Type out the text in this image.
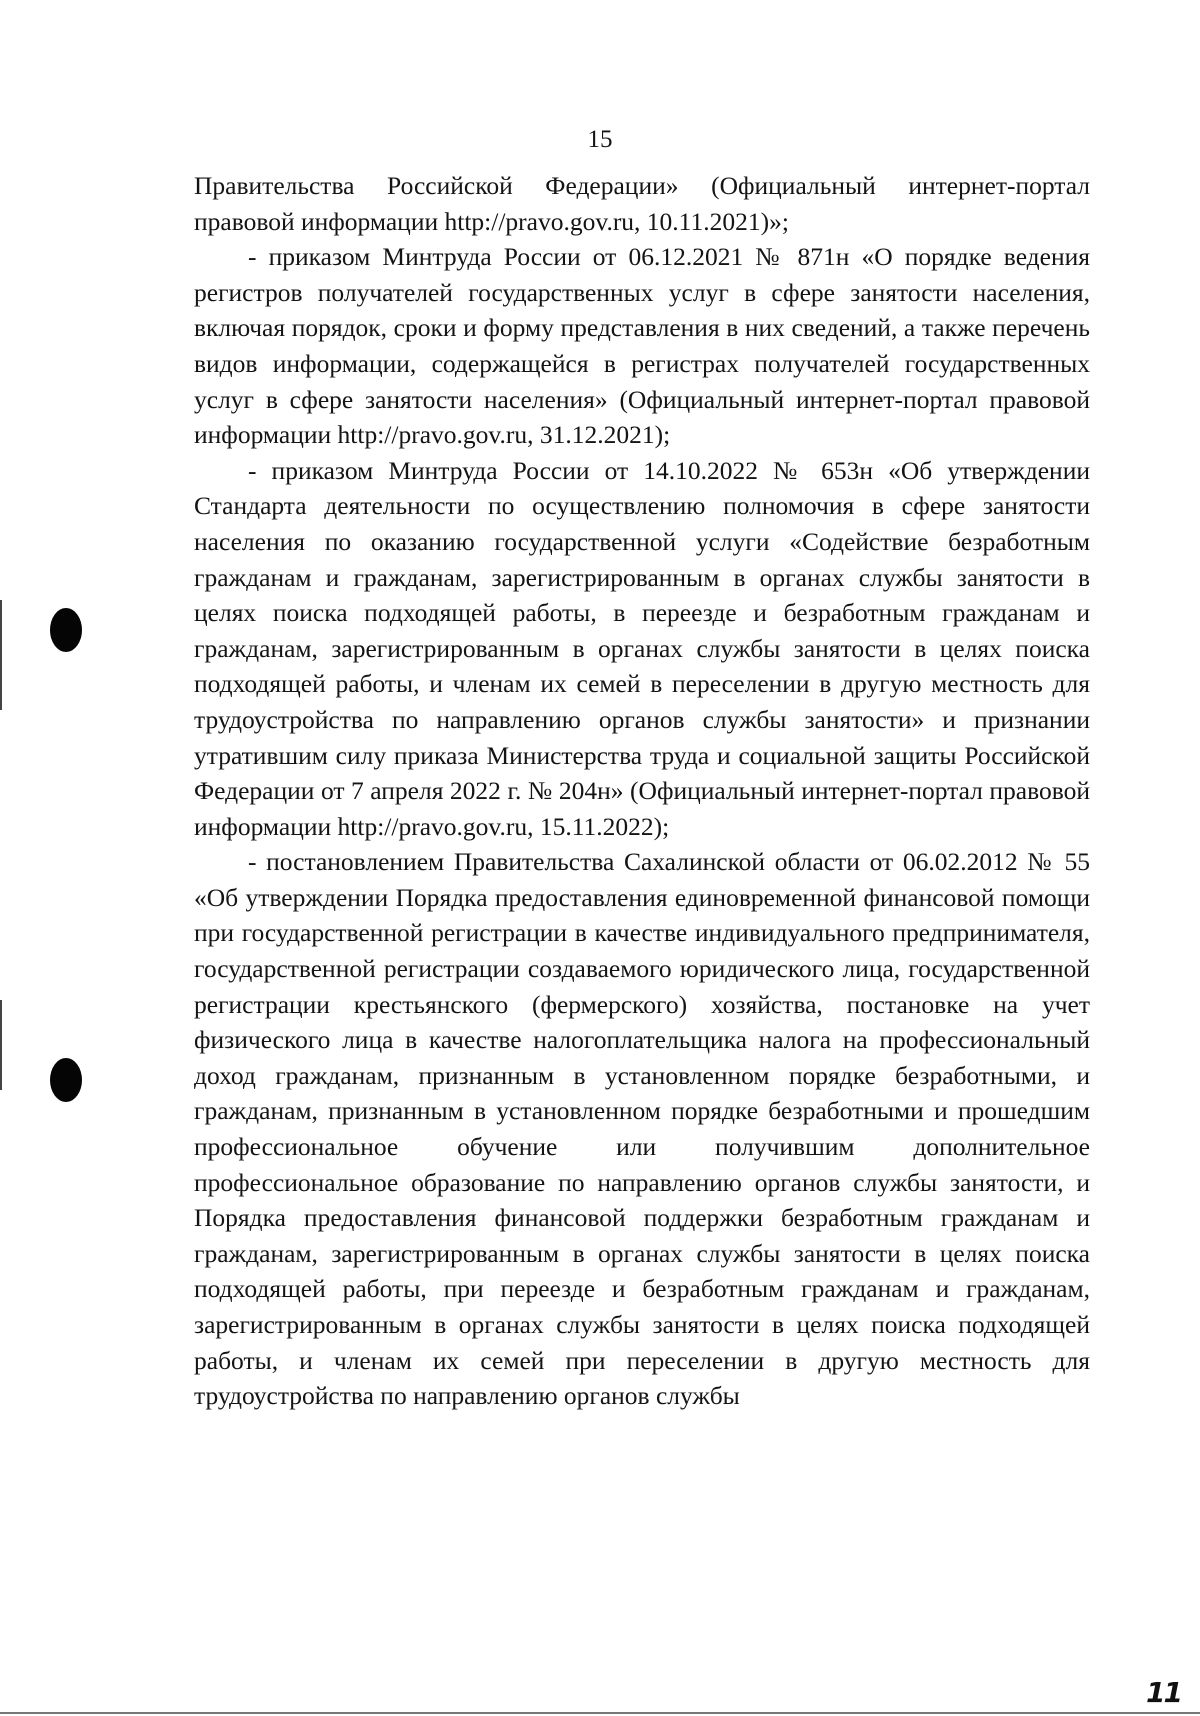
15

Правительства Российской Федерации» (Официальный интернет-портал правовой информации http://pravo.gov.ru, 10.11.2021)»;

- приказом Минтруда России от 06.12.2021 № 871н «О порядке ведения регистров получателей государственных услуг в сфере занятости населения, включая порядок, сроки и форму представления в них сведений, а также перечень видов информации, содержащейся в регистрах получателей государственных услуг в сфере занятости населения» (Официальный интернет-портал правовой информации http://pravo.gov.ru, 31.12.2021);

- приказом Минтруда России от 14.10.2022 № 653н «Об утверждении Стандарта деятельности по осуществлению полномочия в сфере занятости населения по оказанию государственной услуги «Содействие безработным гражданам и гражданам, зарегистрированным в органах службы занятости в целях поиска подходящей работы, в переезде и безработным гражданам и гражданам, зарегистрированным в органах службы занятости в целях поиска подходящей работы, и членам их семей в переселении в другую местность для трудоустройства по направлению органов службы занятости» и признании утратившим силу приказа Министерства труда и социальной защиты Российской Федерации от 7 апреля 2022 г. № 204н» (Официальный интернет-портал правовой информации http://pravo.gov.ru, 15.11.2022);

- постановлением Правительства Сахалинской области от 06.02.2012 № 55 «Об утверждении Порядка предоставления единовременной финансовой помощи при государственной регистрации в качестве индивидуального предпринимателя, государственной регистрации создаваемого юридического лица, государственной регистрации крестьянского (фермерского) хозяйства, постановке на учет физического лица в качестве налогоплательщика налога на профессиональный доход гражданам, признанным в установленном порядке безработными, и гражданам, признанным в установленном порядке безработными и прошедшим профессиональное обучение или получившим дополнительное профессиональное образование по направлению органов службы занятости, и Порядка предоставления финансовой поддержки безработным гражданам и гражданам, зарегистрированным в органах службы занятости в целях поиска подходящей работы, при переезде и безработным гражданам и гражданам, зарегистрированным в органах службы занятости в целях поиска подходящей работы, и членам их семей при переселении в другую местность для трудоустройства по направлению органов службы

11
